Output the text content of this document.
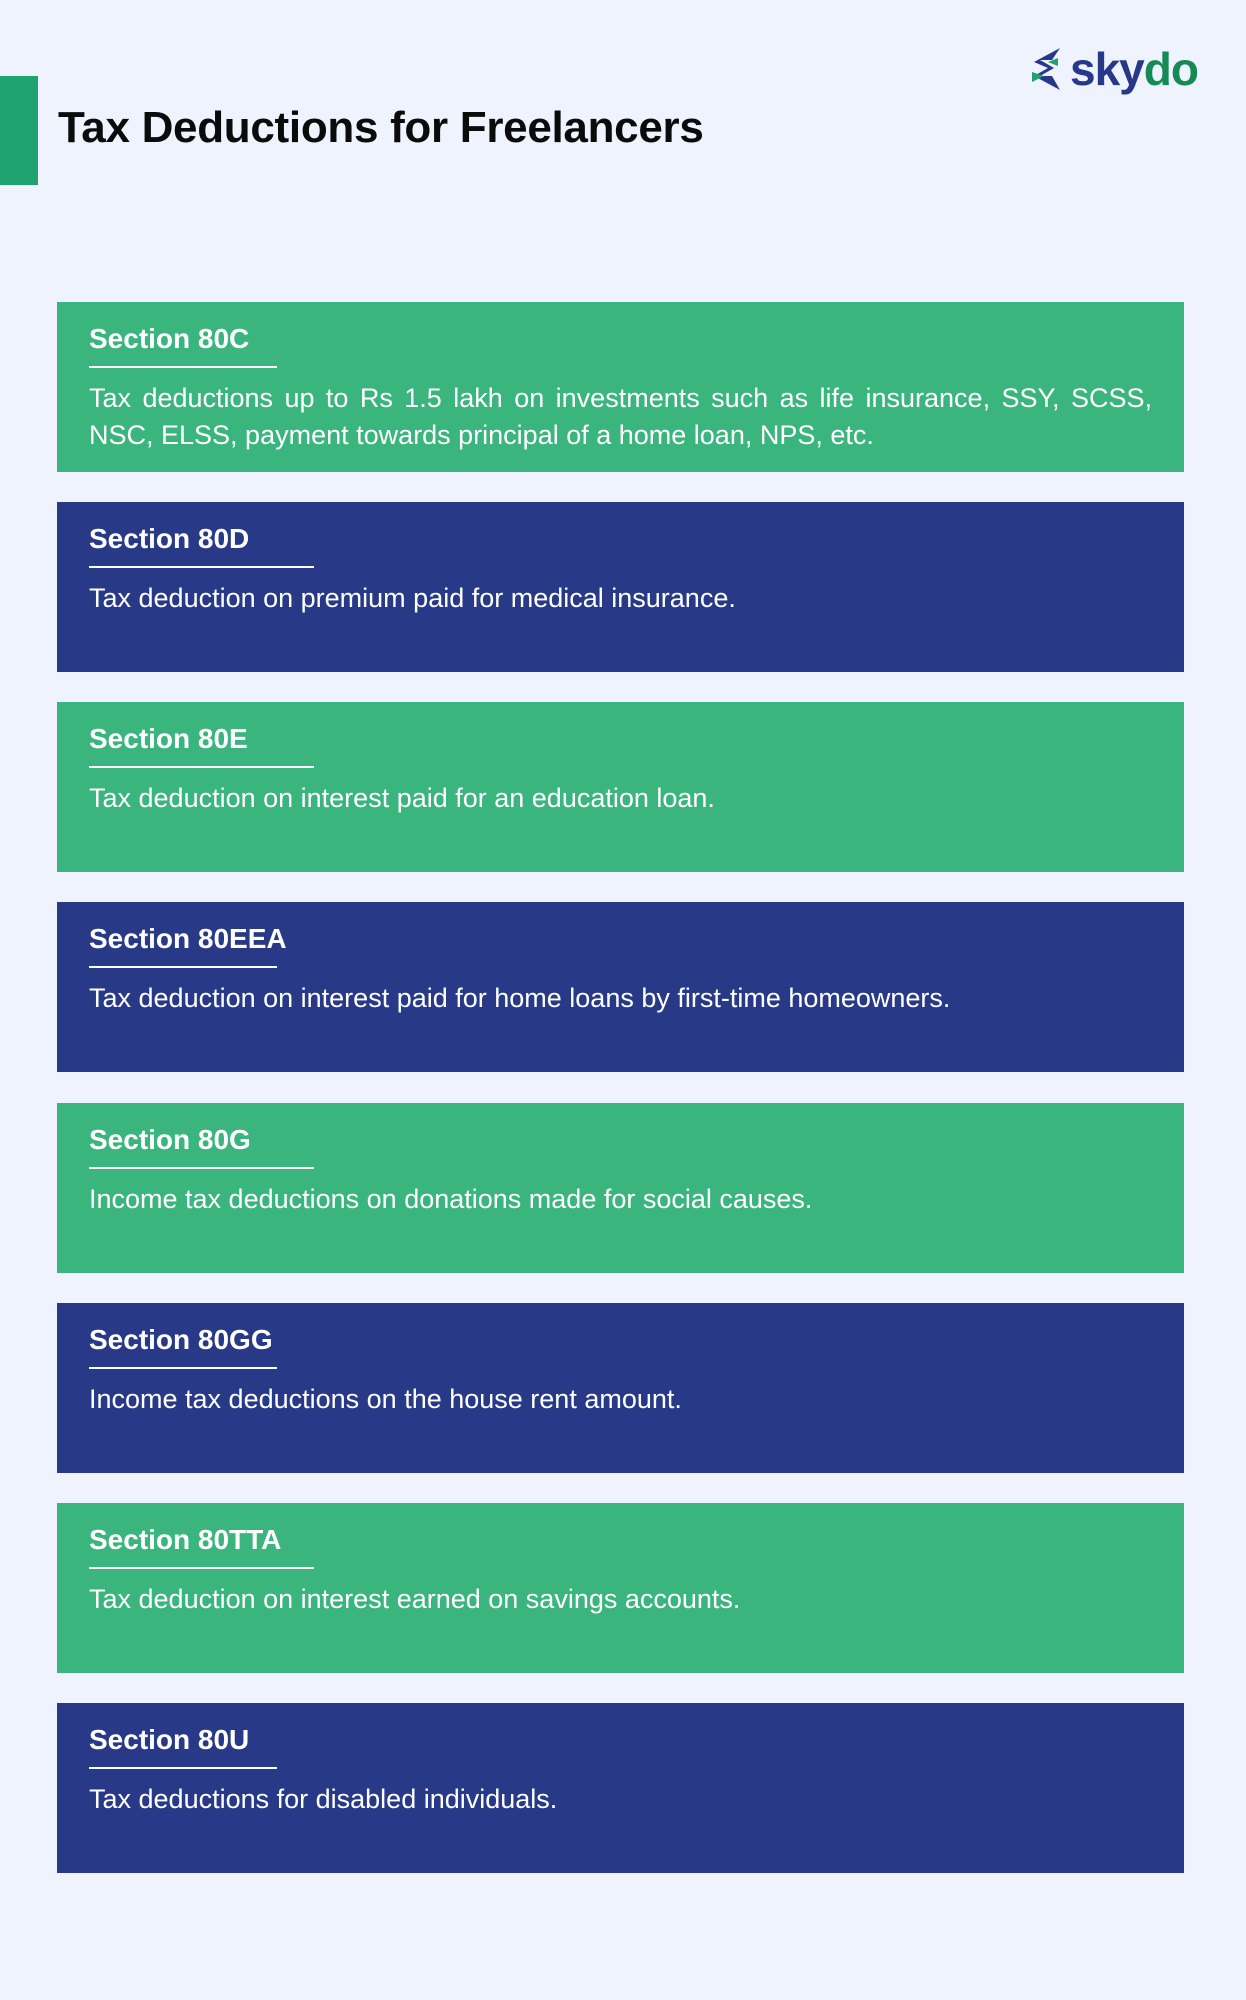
Tax Deductions for Freelancers
skydo
Section 80C

Tax deductions up to Rs 1.5 lakh on investments such as life insurance, SSY, SCSS, NSC, ELSS, payment towards principal of a home loan, NPS, etc.

Section 80D

Tax deduction on premium paid for medical insurance.

Section 80E

Tax deduction on interest paid for an education loan.

Section 80EEA

Tax deduction on interest paid for home loans by first-time homeowners.

Section 80G

Income tax deductions on donations made for social causes.

Section 80GG

Income tax deductions on the house rent amount.

Section 80TTA

Tax deduction on interest earned on savings accounts.

Section 80U

Tax deductions for disabled individuals.
